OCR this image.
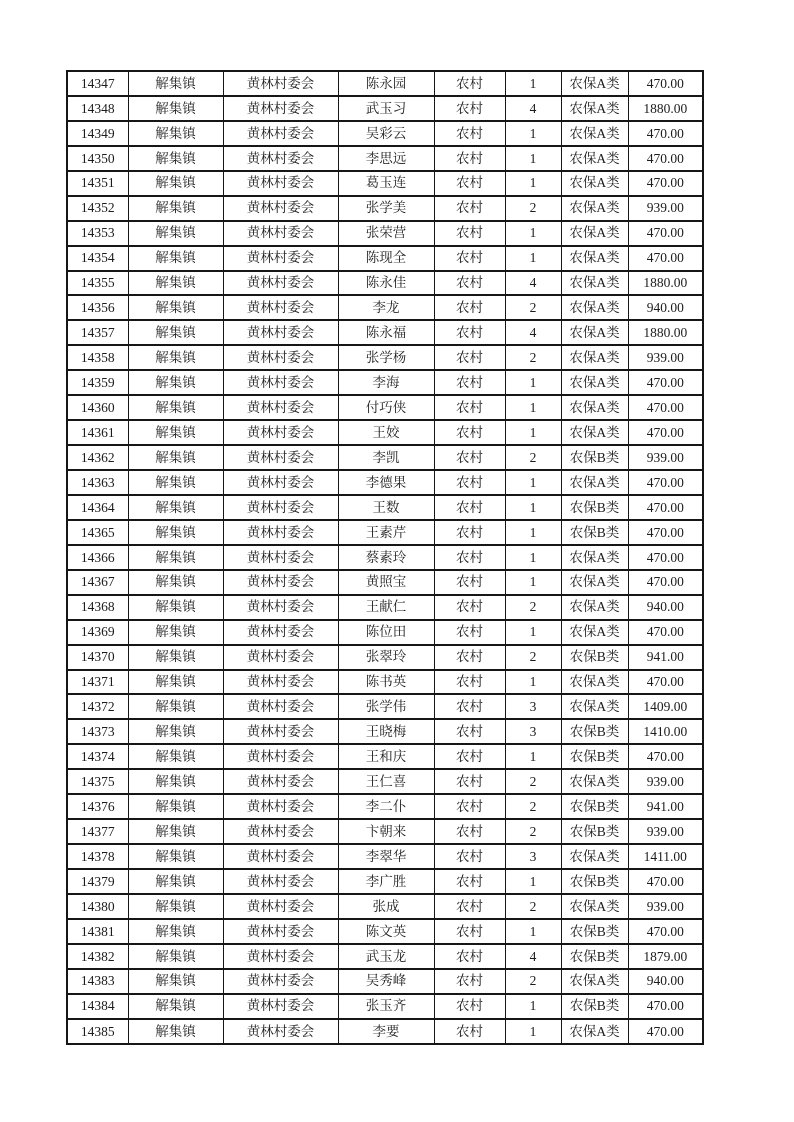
14347	解集镇	黄林村委会	陈永园	农村	1	农保A类	470.00
14348	解集镇	黄林村委会	武玉习	农村	4	农保A类	1880.00
14349	解集镇	黄林村委会	吴彩云	农村	1	农保A类	470.00
14350	解集镇	黄林村委会	李思远	农村	1	农保A类	470.00
14351	解集镇	黄林村委会	葛玉连	农村	1	农保A类	470.00
14352	解集镇	黄林村委会	张学美	农村	2	农保A类	939.00
14353	解集镇	黄林村委会	张荣营	农村	1	农保A类	470.00
14354	解集镇	黄林村委会	陈现全	农村	1	农保A类	470.00
14355	解集镇	黄林村委会	陈永佳	农村	4	农保A类	1880.00
14356	解集镇	黄林村委会	李龙	农村	2	农保A类	940.00
14357	解集镇	黄林村委会	陈永福	农村	4	农保A类	1880.00
14358	解集镇	黄林村委会	张学杨	农村	2	农保A类	939.00
14359	解集镇	黄林村委会	李海	农村	1	农保A类	470.00
14360	解集镇	黄林村委会	付巧侠	农村	1	农保A类	470.00
14361	解集镇	黄林村委会	王姣	农村	1	农保A类	470.00
14362	解集镇	黄林村委会	李凯	农村	2	农保B类	939.00
14363	解集镇	黄林村委会	李德果	农村	1	农保A类	470.00
14364	解集镇	黄林村委会	王数	农村	1	农保B类	470.00
14365	解集镇	黄林村委会	王素芹	农村	1	农保B类	470.00
14366	解集镇	黄林村委会	蔡素玲	农村	1	农保A类	470.00
14367	解集镇	黄林村委会	黄照宝	农村	1	农保A类	470.00
14368	解集镇	黄林村委会	王献仁	农村	2	农保A类	940.00
14369	解集镇	黄林村委会	陈位田	农村	1	农保A类	470.00
14370	解集镇	黄林村委会	张翠玲	农村	2	农保B类	941.00
14371	解集镇	黄林村委会	陈书英	农村	1	农保A类	470.00
14372	解集镇	黄林村委会	张学伟	农村	3	农保A类	1409.00
14373	解集镇	黄林村委会	王晓梅	农村	3	农保B类	1410.00
14374	解集镇	黄林村委会	王和庆	农村	1	农保B类	470.00
14375	解集镇	黄林村委会	王仁喜	农村	2	农保A类	939.00
14376	解集镇	黄林村委会	李二仆	农村	2	农保B类	941.00
14377	解集镇	黄林村委会	卞朝来	农村	2	农保B类	939.00
14378	解集镇	黄林村委会	李翠华	农村	3	农保A类	1411.00
14379	解集镇	黄林村委会	李广胜	农村	1	农保B类	470.00
14380	解集镇	黄林村委会	张成	农村	2	农保A类	939.00
14381	解集镇	黄林村委会	陈文英	农村	1	农保B类	470.00
14382	解集镇	黄林村委会	武玉龙	农村	4	农保B类	1879.00
14383	解集镇	黄林村委会	吴秀峰	农村	2	农保A类	940.00
14384	解集镇	黄林村委会	张玉齐	农村	1	农保B类	470.00
14385	解集镇	黄林村委会	李要	农村	1	农保A类	470.00
